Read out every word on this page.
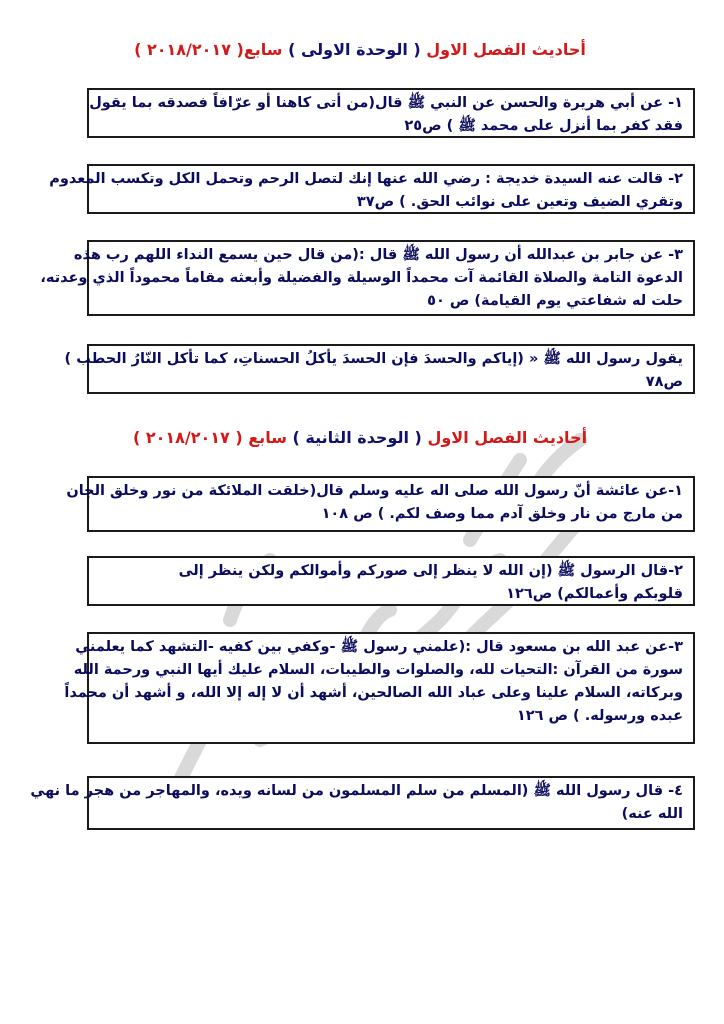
أحاديث الفصل الاول ( الوحدة الاولى ) سابع( ٢٠١٨/٢٠١٧ )

١- عن أبي هريرة والحسن عن النبي ﷺ قال(من أتى كاهنا أو عرّافاً فصدقه بما يقول

فقد كفر بما أنزل على محمد ﷺ ) ص٢٥

٢- قالت عنه السيدة خديجة : رضي الله عنها إنك لتصل الرحم وتحمل الكل وتكسب المعدوم

وتقري الضيف وتعين على نوائب الحق. ) ص٣٧

٣- عن جابر بن عبدالله أن رسول الله ﷺ قال :(من قال حين يسمع النداء اللهم رب هذه

الدعوة التامة والصلاة القائمة آت محمداً الوسيلة والفضيلة وأبعثه مقاماً محموداً الذي وعدته،

حلت له شفاعتي يوم القيامة) ص ٥٠

يقول رسول الله ﷺ « (إياكم والحسدَ فإن الحسدَ يأكلُ الحسناتِ، كما تأكل النّارُ الحطب )

ص٧٨

أحاديث الفصل الاول ( الوحدة الثانية ) سابع ( ٢٠١٨/٢٠١٧ )

١-عن عائشة أنّ رسول الله صلى اله عليه وسلم قال(خلقت الملائكة من نور وخلق الجان

من مارج من نار وخلق آدم مما وصف لكم. ) ص ١٠٨

٢-قال الرسول ﷺ (إن الله لا ينظر إلى صوركم وأموالكم ولكن ينظر إلى

قلوبكم وأعمالكم) ص١٢٦

٣-عن عبد الله بن مسعود قال :(علمني رسول ﷺ -وكفي بين كفيه -التشهد كما يعلمني

سورة من القرآن :التحيات لله، والصلوات والطيبات، السلام عليك أيها النبي ورحمة الله

وبركاته، السلام علينا وعلى عباد الله الصالحين، أشهد أن لا إله إلا الله، و أشهد أن محمداً

عبده ورسوله. ) ص ١٢٦

٤- قال رسول الله ﷺ (المسلم من سلم المسلمون من لسانه ويده، والمهاجر من هجر ما نهي

الله عنه)
